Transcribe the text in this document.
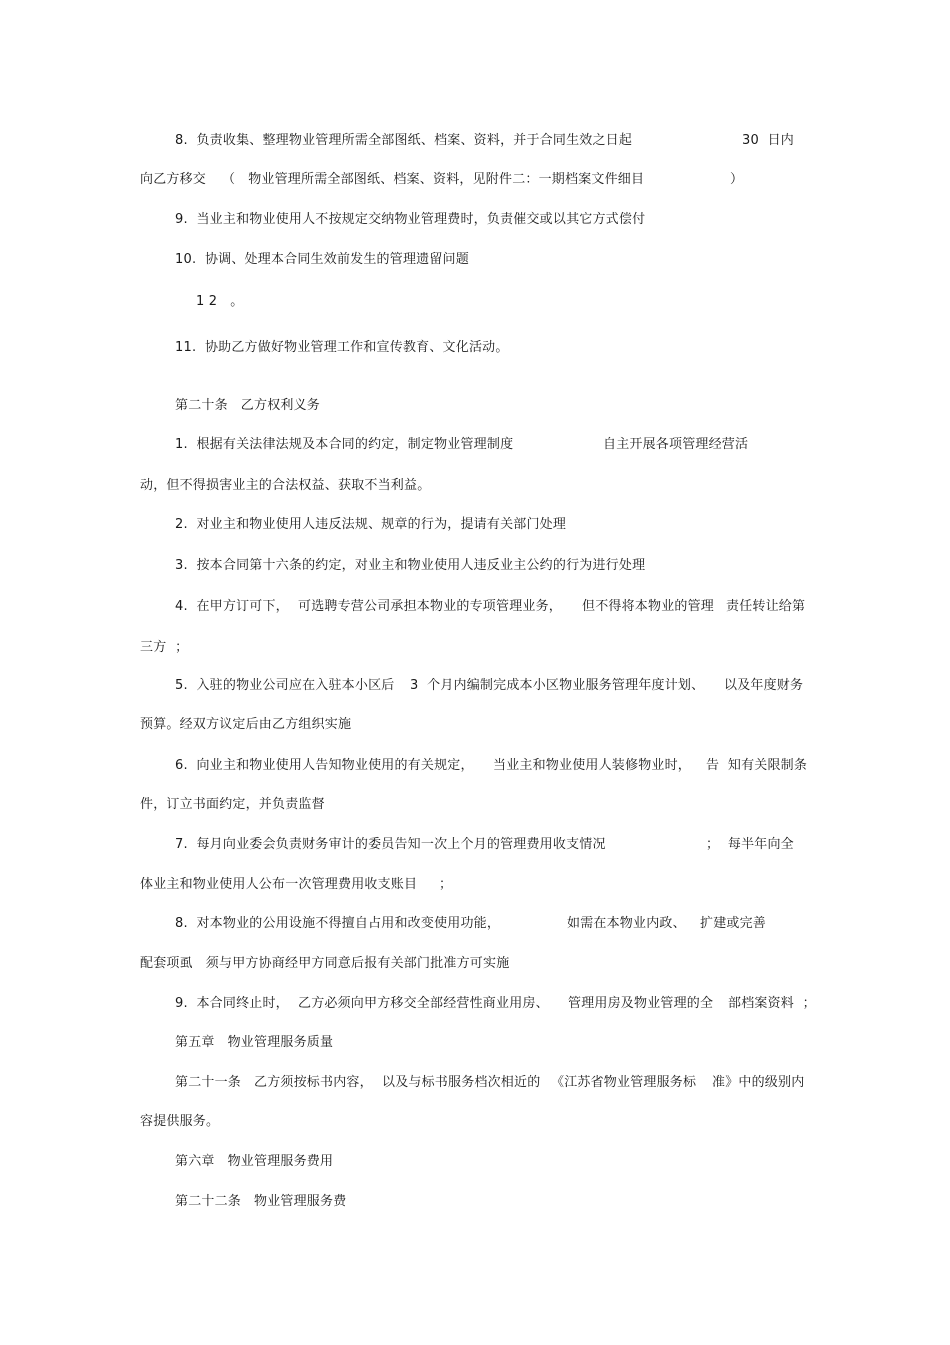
8.  负责收集、整理物业管理所需全部图纸、档案、资料，并于合同生效之日起	30  日内
向乙方移交 （   物业管理所需全部图纸、档案、资料，见附件二：一期档案文件细目	）
9.  当业主和物业使用人不按规定交纳物业管理费时，负责催交或以其它方式偿付
10.  协调、处理本合同生效前发生的管理遗留问题
1 2   。
11.  协助乙方做好物业管理工作和宣传教育、文化活动。
第二十条   乙方权利义务
1.  根据有关法律法规及本合同的约定，制定物业管理制度	自主开展各项管理经营活
动，但不得损害业主的合法权益、获取不当利益。
2.  对业主和物业使用人违反法规、规章的行为，提请有关部门处理
3.  按本合同第十六条的约定，对业主和物业使用人违反业主公约的行为进行处理
4.  在甲方订可下， 可选聘专营公司承担本物业的专项管理业务， 但不得将本物业的管理 责任转让给第
三方  ；
5.  入驻的物业公司应在入驻本小区后 3  个月内编制完成本小区物业服务管理年度计划、 以及年度财务
预算。经双方议定后由乙方组织实施
6.  向业主和物业使用人告知物业使用的有关规定， 当业主和物业使用人装修物业时， 告  知有关限制条
件，订立书面约定，并负责监督
7.  每月向业委会负责财务审计的委员告知一次上个月的管理费用收支情况	；  每半年向全
体业主和物业使用人公布一次管理费用收支账目 ；
8.  对本物业的公用设施不得擅自占用和改变使用功能，	如需在本物业内政、 扩建或完善
配套项虱   须与甲方协商经甲方同意后报有关部门批准方可实施
9.  本合同终止时， 乙方必须向甲方移交全部经营性商业用房、 管理用房及物业管理的全 部档案资料  ；
第五章   物业管理服务质量
第二十一条   乙方须按标书内容， 以及与标书服务档次相近的 《江苏省物业管理服务标 准》中的级别内
容提供服务。
第六章   物业管理服务费用
第二十二条   物业管理服务费
